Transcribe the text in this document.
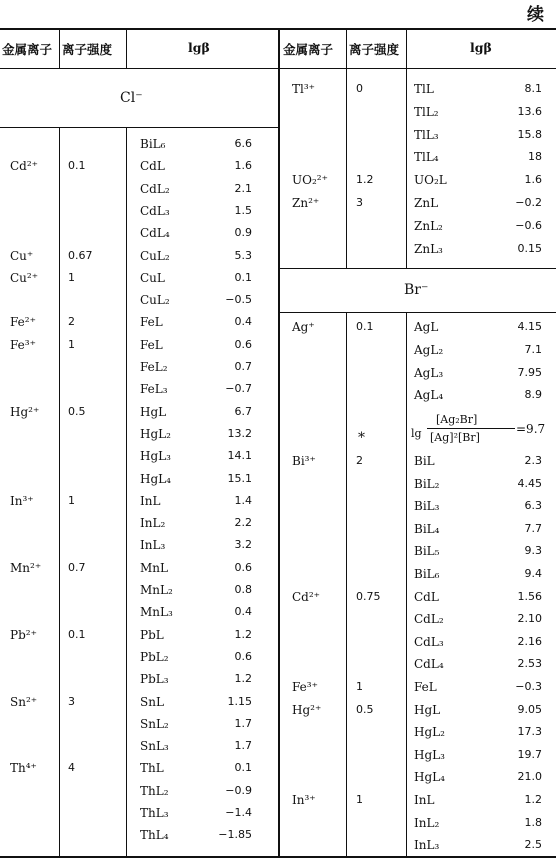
续
金属离子 离子强度	lgβ	金属离子 离子强度	lgβ
Cl⁻
Br⁻
*	lg
[Ag₂Br]
[Ag]²[Br]
=9.7
BiL₆	6.6
Cd²⁺	0.1	CdL	1.6
CdL₂	2.1
CdL₃	1.5
CdL₄	0.9
Cu⁺	0.67	CuL₂	5.3
Cu²⁺	1	CuL	0.1
CuL₂	−0.5
Fe²⁺	2	FeL	0.4
Fe³⁺	1	FeL	0.6
FeL₂	0.7
FeL₃	−0.7
Hg²⁺	0.5	HgL	6.7
HgL₂	13.2
HgL₃	14.1
HgL₄	15.1
In³⁺	1	InL	1.4
InL₂	2.2
InL₃	3.2
Mn²⁺ 0.7	MnL	0.6
MnL₂	0.8
MnL₃	0.4
Pb²⁺	0.1	PbL	1.2
PbL₂	0.6
PbL₃	1.2
Sn²⁺	3	SnL	1.15
SnL₂	1.7
SnL₃	1.7
Th⁴⁺	4	ThL	0.1
ThL₂	−0.9
ThL₃	−1.4
ThL₄	−1.85
Tl³⁺	0	TlL	8.1
TlL₂	13.6
TlL₃	15.8
TlL₄	18
UO₂²⁺	1.2	UO₂L	1.6
Zn²⁺	3	ZnL	−0.2
ZnL₂	−0.6
ZnL₃	0.15
Ag⁺	0.1	AgL	4.15
AgL₂	7.1
AgL₃	7.95
AgL₄	8.9
Bi³⁺	2	BiL	2.3
BiL₂	4.45
BiL₃	6.3
BiL₄	7.7
BiL₅	9.3
BiL₆	9.4
Cd²⁺	0.75	CdL	1.56
CdL₂	2.10
CdL₃	2.16
CdL₄	2.53
Fe³⁺	1	FeL	−0.3
Hg²⁺	0.5	HgL	9.05
HgL₂	17.3
HgL₃	19.7
HgL₄	21.0
In³⁺	1	InL	1.2
InL₂	1.8
InL₃	2.5
